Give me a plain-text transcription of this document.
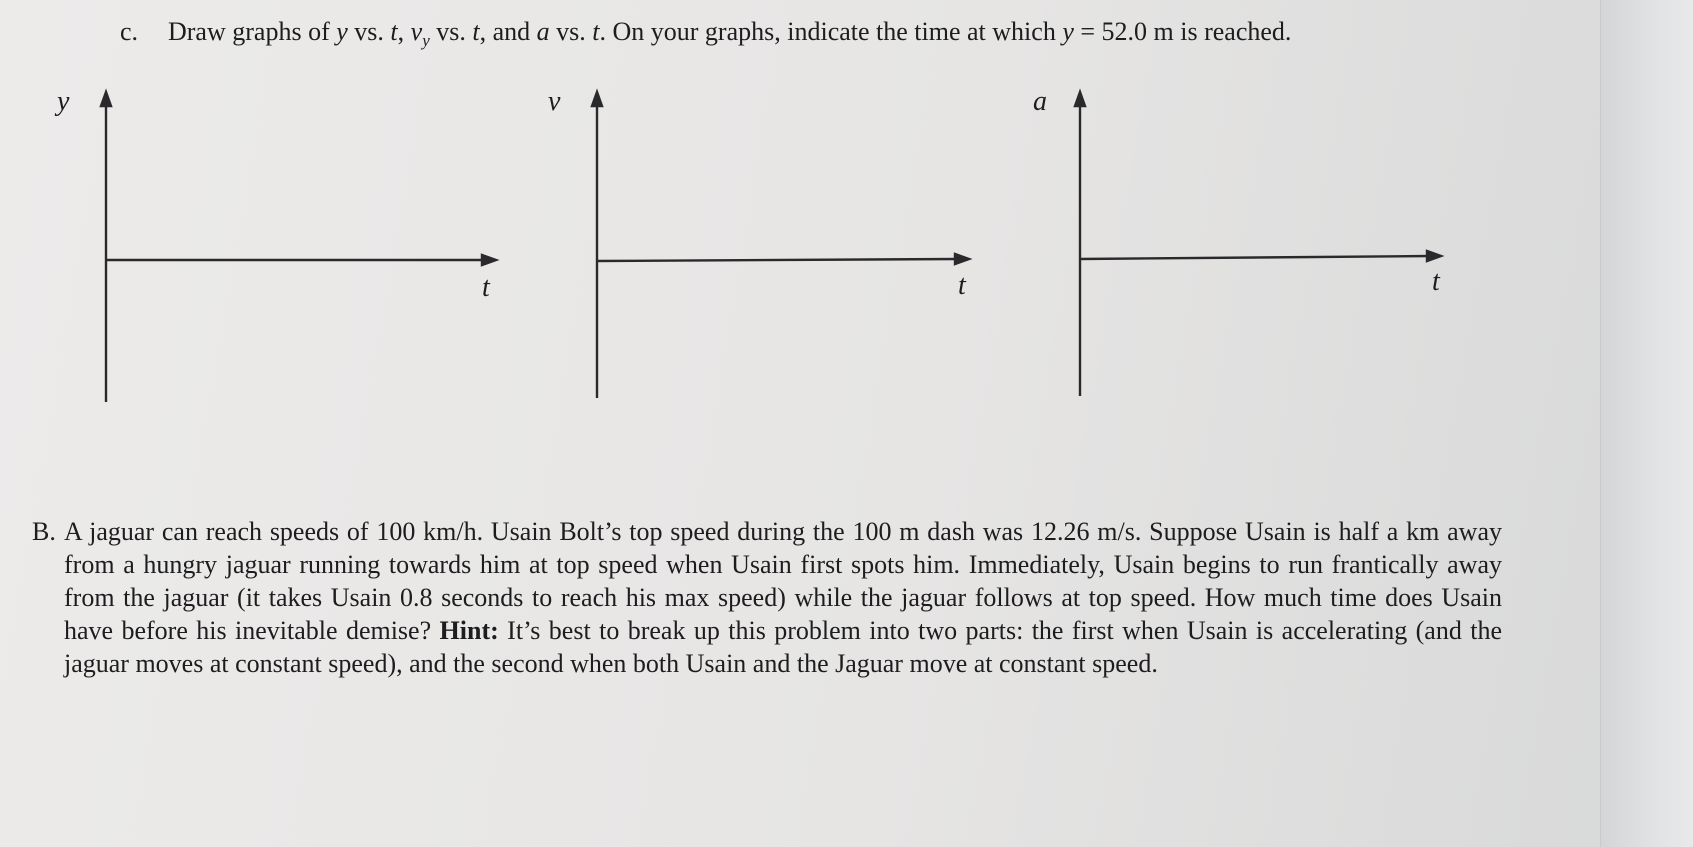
c. Draw graphs of y vs. t, $v_y$ vs. t, and a vs. t. On your graphs, indicate the time at which y = 52.0 m is reached.
y
t
v
t
a
t
B. A jaguar can reach speeds of 100 km/h. Usain Bolt’s top speed during the 100 m dash was 12.26 m/s. Suppose Usain is half a km away from a hungry jaguar running towards him at top speed when Usain first spots him. Immediately, Usain begins to run frantically away from the jaguar (it takes Usain 0.8 seconds to reach his max speed) while the jaguar follows at top speed. How much time does Usain have before his inevitable demise? Hint: It’s best to break up this problem into two parts: the first when Usain is accelerating (and the jaguar moves at constant speed), and the second when both Usain and the Jaguar move at constant speed.
